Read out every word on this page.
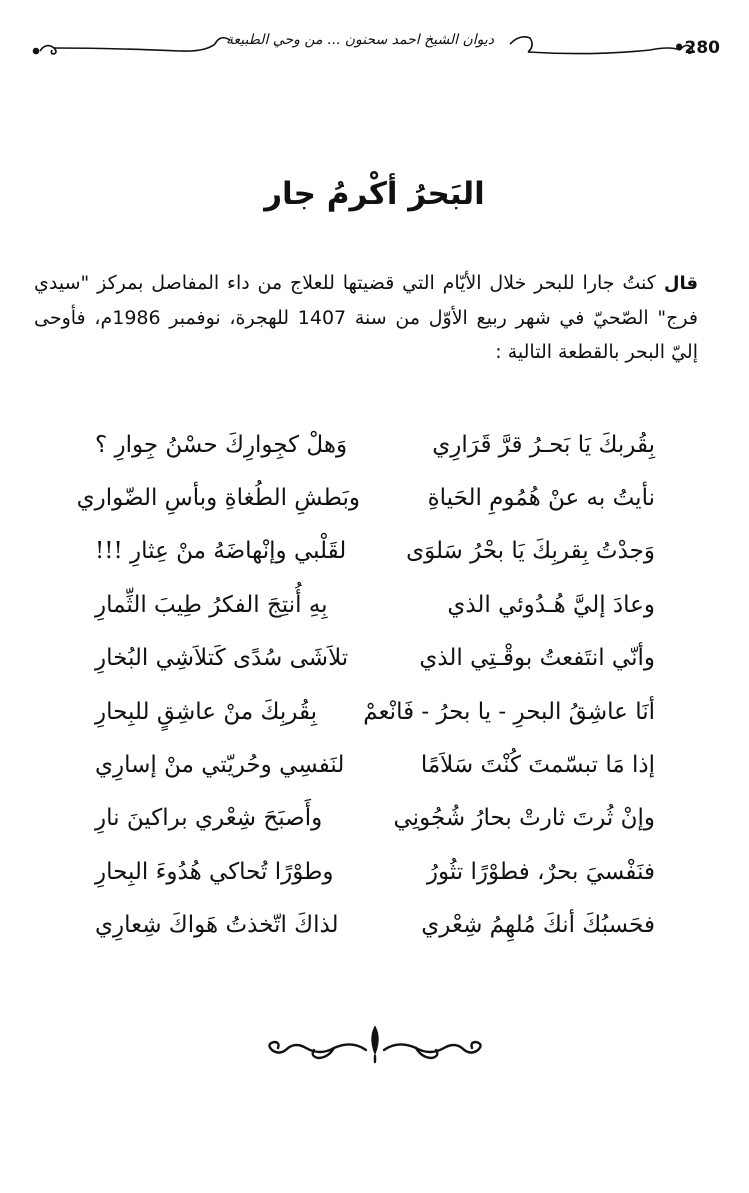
•280
ديوان الشيخ احمد سحنون ... من وحي الطبيعة
البَحرُ أكْرمُ جار
قالكنتُ جارا للبحر خلال الأيّام التي قضيتها للعلاج من داء المفاصل بمركز "سيدي فرج" الصّحيّ في شهر ربيع الأوّل من سنة 1407 للهجرة، نوفمبر 1986م، فأوحى إليّ البحر بالقطعة التالية :
بِقُربكَ يَا بَحـرُ قرَّ قَرَارِي
وَهلْ كجِوارِكَ حسْنُ جِوارِ ؟
نأيتُ به عنْ هُمُومِ الحَياةِ
وبَطشِ الطُغاةِ وبأسِ الضّواري
وَجدْتُ بِقربِكَ يَا بحْرُ سَلوَى
لقَلْبي وإنْهاضَهُ منْ عِثارِ !!!
وعادَ إليَّ هُـدُوئي الذي
بِهِ أُنتِجَ الفكرُ طِيبَ الثِّمارِ
وأنّي انتَفعتُ بوقْـتِي الذي
تلاَشَى سُدًى كَتلاَشِي البُخارِ
أنَا عاشِقُ البحرِ - يا بحرُ - فَانْعمْ
بِقُربِكَ منْ عاشِقٍ للبِحارِ
إذا مَا تبسّمتَ كُنْتَ سَلاَمًا
لنَفسِي وحُريّتي منْ إسارِي
وإنْ ثُرتَ ثارتْ بحارُ شُجُونِي
وأَصبَحَ شِعْري براكينَ نارِ
فنَفْسيَ بحرٌ، فطوْرًا تثُورُ
وطوْرًا تُحاكي هُدُوءَ البِحارِ
فحَسبُكَ أنكَ مُلهِمُ شِعْري
لذاكَ اتّخذتُ هَواكَ شِعارِي
